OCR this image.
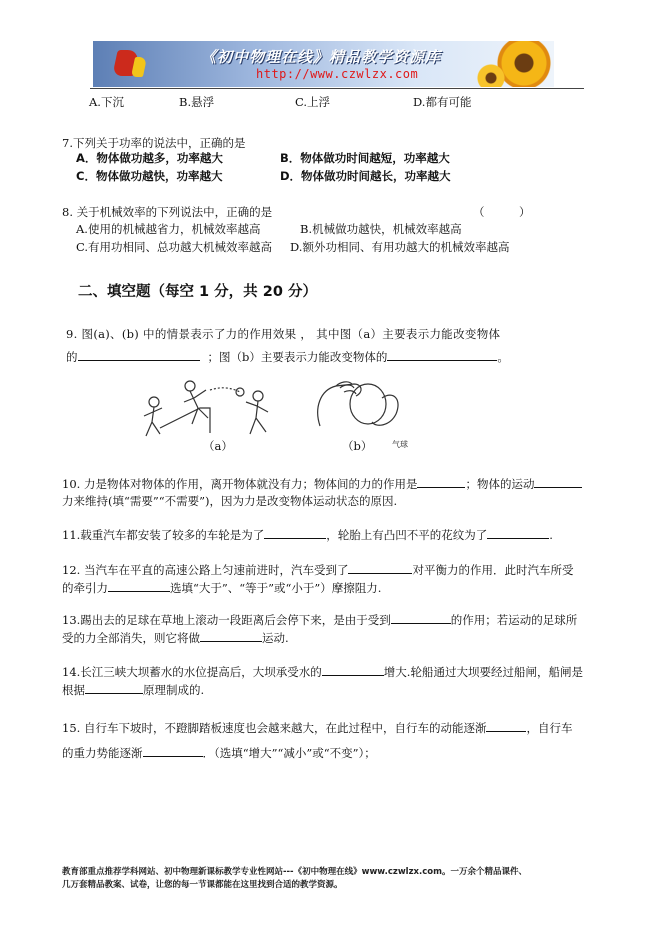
《初中物理在线》精品教学资源库
http://www.czwlzx.com
A.下沉	B.悬浮	C.上浮	D.都有可能
7.下列关于功率的说法中，正确的是
A．物体做功越多，功率越大	B．物体做功时间越短，功率越大
C．物体做功越快，功率越大	D．物体做功时间越长，功率越大
8. 关于机械效率的下列说法中，正确的是	（　　　）
A.使用的机械越省力，机械效率越高	B.机械做功越快，机械效率越高
C.有用功相同、总功越大机械效率越高 D.额外功相同、有用功越大的机械效率越高
二、填空题（每空 1 分，共 20 分）
9. 图(a)、(b) 中的情景表示了力的作用效果 ， 其中图（a）主要表示力能改变物体
的	；图（b）主要表示力能改变物体的	。
（a）	（b） 气球
10. 力是物体对物体的作用，离开物体就没有力；物体间的力的作用是	；物体的运动
力来维持(填“需要”“不需要”)，因为力是改变物体运动状态的原因.
11.载重汽车都安装了较多的车轮是为了	，轮胎上有凸凹不平的花纹为了	.
12. 当汽车在平直的高速公路上匀速前进时，汽车受到了	对平衡力的作用．此时汽车所受
的牵引力	选填“大于”、“等于”或“小于”）摩擦阻力.
13.踢出去的足球在草地上滚动一段距离后会停下来，是由于受到	的作用；若运动的足球所
受的力全部消失，则它将做	运动.
14.长江三峡大坝蓄水的水位提高后，大坝承受水的	增大.轮船通过大坝要经过船闸，船闸是
根据	原理制成的.
15. 自行车下坡时，不蹬脚踏板速度也会越来越大，在此过程中，自行车的动能逐渐	，自行车
的重力势能逐渐	．（选填“增大”“减小”或“不变”）；
教育部重点推荐学科网站、初中物理新课标教学专业性网站---《初中物理在线》www.czwlzx.com。一万余个精品课件、
几万套精品教案、试卷，让您的每一节课都能在这里找到合适的教学资源。
